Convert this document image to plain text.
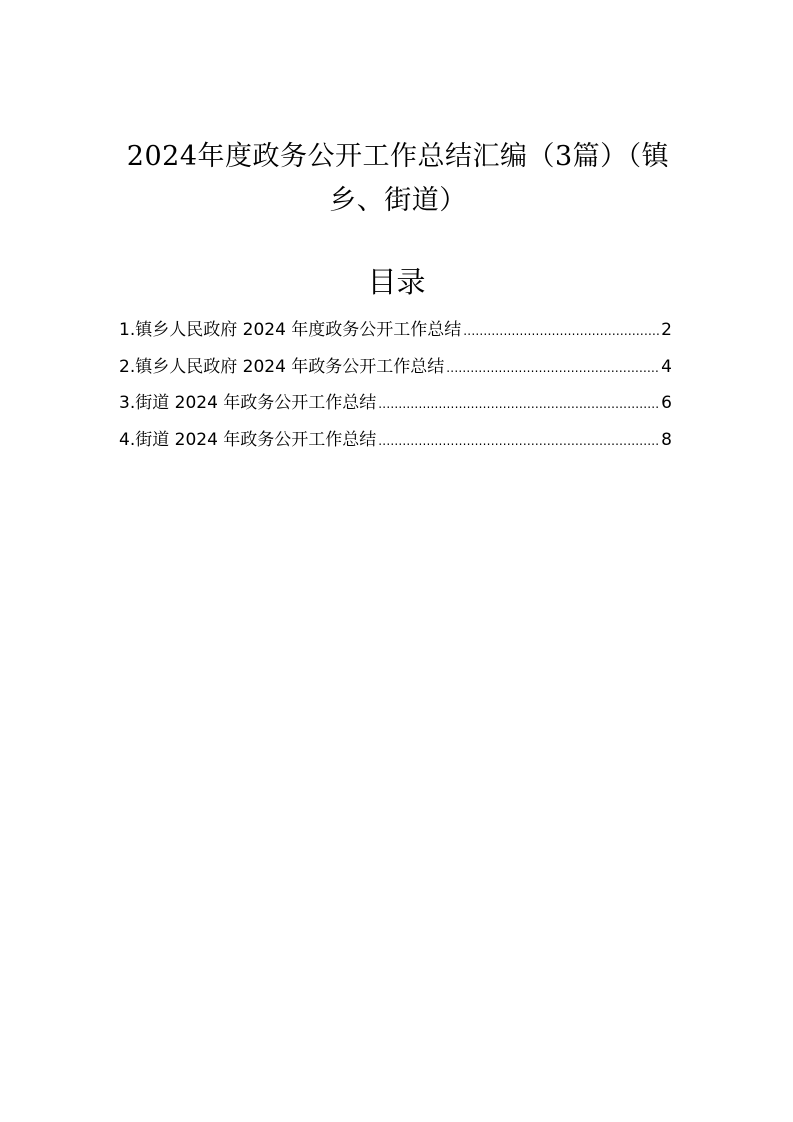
2024年度政务公开工作总结汇编（3篇）（镇乡、街道）
目录
1.镇乡人民政府 2024 年度政务公开工作总结 .....	2
2.镇乡人民政府 2024 年政务公开工作总结 .....	4
3.街道 2024 年政务公开工作总结 .....	6
4.街道 2024 年政务公开工作总结 .....	8
